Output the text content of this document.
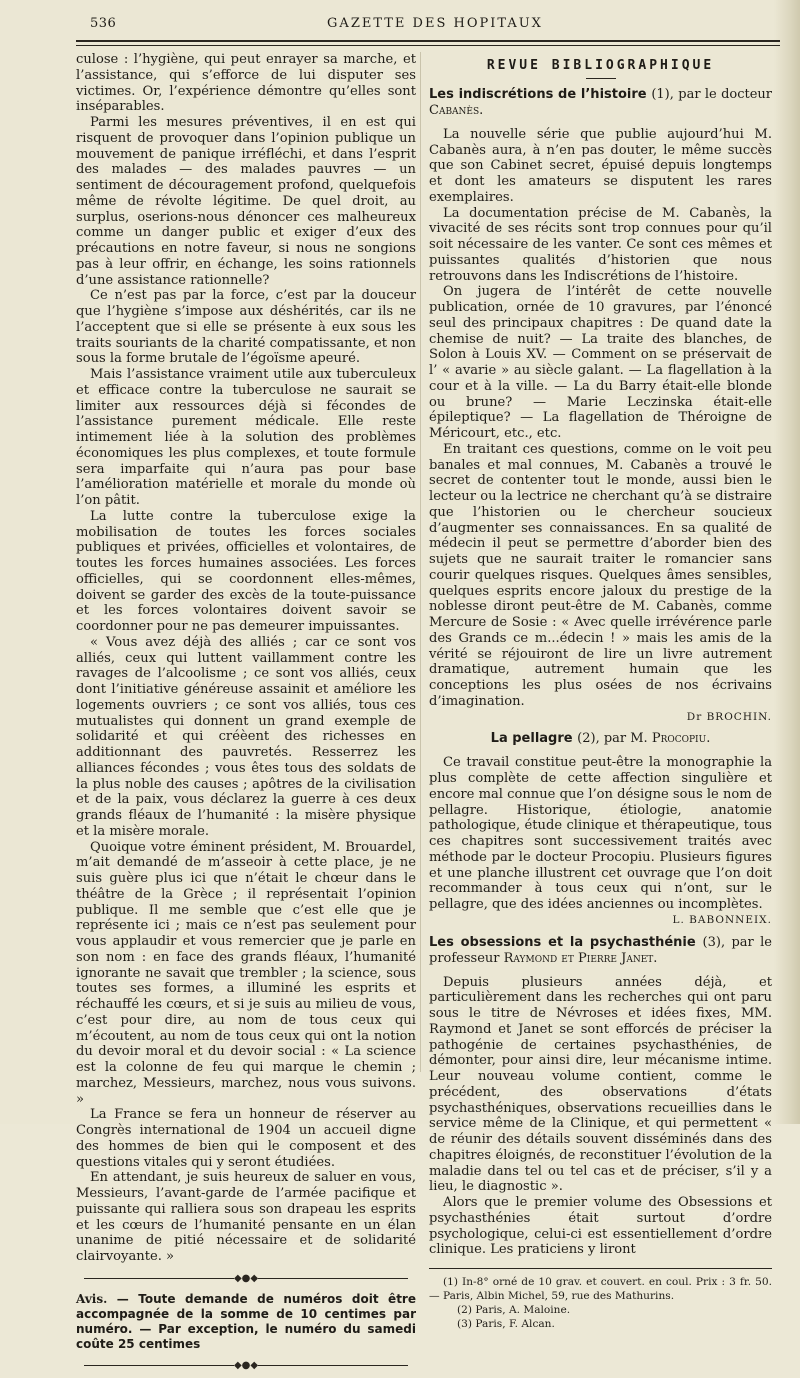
536	GAZETTE DES HOPITAUX

culose : l’hygiène, qui peut enrayer sa marche, et l’assistance, qui s’efforce de lui disputer ses victimes. Or, l’expérience démontre qu’elles sont inséparables.

Parmi les mesures préventives, il en est qui risquent de provoquer dans l’opinion publique un mouvement de panique irréfléchi, et dans l’esprit des malades — des malades pauvres — un sentiment de découragement profond, quelquefois même de révolte légitime. De quel droit, au surplus, oserions-nous dénoncer ces malheureux comme un danger public et exiger d’eux des précautions en notre faveur, si nous ne songions pas à leur offrir, en échange, les soins rationnels d’une assistance rationnelle?

Ce n’est pas par la force, c’est par la douceur que l’hygiène s’impose aux déshérités, car ils ne l’acceptent que si elle se présente à eux sous les traits souriants de la charité compatissante, et non sous la forme brutale de l’égoïsme apeuré.

Mais l’assistance vraiment utile aux tuberculeux et efficace contre la tuberculose ne saurait se limiter aux ressources déjà si fécondes de l’assistance purement médicale. Elle reste intimement liée à la solution des problèmes économiques les plus complexes, et toute formule sera imparfaite qui n’aura pas pour base l’amélioration matérielle et morale du monde où l’on pâtit.

La lutte contre la tuberculose exige la mobilisation de toutes les forces sociales publiques et privées, officielles et volontaires, de toutes les forces humaines associées. Les forces officielles, qui se coordonnent elles-mêmes, doivent se garder des excès de la toute-puissance et les forces volontaires doivent savoir se coordonner pour ne pas demeurer impuissantes.

« Vous avez déjà des alliés ; car ce sont vos alliés, ceux qui luttent vaillamment contre les ravages de l’alcoolisme ; ce sont vos alliés, ceux dont l’initiative généreuse assainit et améliore les logements ouvriers ; ce sont vos alliés, tous ces mutualistes qui donnent un grand exemple de solidarité et qui créèent des richesses en additionnant des pauvretés. Resserrez les alliances fécondes ; vous êtes tous des soldats de la plus noble des causes ; apôtres de la civilisation et de la paix, vous déclarez la guerre à ces deux grands fléaux de l’humanité : la misère physique et la misère morale.

Quoique votre éminent président, M. Brouardel, m’ait demandé de m’asseoir à cette place, je ne suis guère plus ici que n’était le chœur dans le théâtre de la Grèce ; il représentait l’opinion publique. Il me semble que c’est elle que je représente ici ; mais ce n’est pas seulement pour vous applaudir et vous remercier que je parle en son nom : en face des grands fléaux, l’humanité ignorante ne savait que trembler ; la science, sous toutes ses formes, a illuminé les esprits et réchauffé les cœurs, et si je suis au milieu de vous, c’est pour dire, au nom de tous ceux qui m’écoutent, au nom de tous ceux qui ont la notion du devoir moral et du devoir social : « La science est la colonne de feu qui marque le chemin ; marchez, Messieurs, marchez, nous vous suivons. »

La France se fera un honneur de réserver au Congrès international de 1904 un accueil digne des hommes de bien qui le composent et des questions vitales qui y seront étudiées.

En attendant, je suis heureux de saluer en vous, Messieurs, l’avant-garde de l’armée pacifique et puissante qui ralliera sous son drapeau les esprits et les cœurs de l’humanité pensante en un élan unanime de pitié nécessaire et de solidarité clairvoyante. »

◆●◆

Avis. — Toute demande de numéros doit être accompagnée de la somme de 10 centimes par numéro. — Par exception, le numéro du samedi coûte 25 centimes

◆●◆
REVUE BIBLIOGRAPHIQUE
Les indiscrétions de l’histoire (1), par le docteur Cabanès.

La nouvelle série que publie aujourd’hui M. Cabanès aura, à n’en pas douter, le même succès que son Cabinet secret, épuisé depuis longtemps et dont les amateurs se disputent les rares exemplaires.

La documentation précise de M. Cabanès, la vivacité de ses récits sont trop connues pour qu’il soit nécessaire de les vanter. Ce sont ces mêmes et puissantes qualités d’historien que nous retrouvons dans les Indiscrétions de l’histoire.

On jugera de l’intérêt de cette nouvelle publication, ornée de 10 gravures, par l’énoncé seul des principaux chapitres : De quand date la chemise de nuit? — La traite des blanches, de Solon à Louis XV. — Comment on se préservait de l’ « avarie » au siècle galant. — La flagellation à la cour et à la ville. — La du Barry était-elle blonde ou brune? — Marie Leczinska était-elle épileptique? — La flagellation de Théroigne de Méricourt, etc., etc.

En traitant ces questions, comme on le voit peu banales et mal connues, M. Cabanès a trouvé le secret de contenter tout le monde, aussi bien le lecteur ou la lectrice ne cherchant qu’à se distraire que l’historien ou le chercheur soucieux d’augmenter ses connaissances. En sa qualité de médecin il peut se permettre d’aborder bien des sujets que ne saurait traiter le romancier sans courir quelques risques. Quelques âmes sensibles, quelques esprits encore jaloux du prestige de la noblesse diront peut-être de M. Cabanès, comme Mercure de Sosie : « Avec quelle irrévérence parle des Grands ce m...édecin ! » mais les amis de la vérité se réjouiront de lire un livre autrement dramatique, autrement humain que les conceptions les plus osées de nos écrivains d’imagination.

Dr BROCHIN.
La pellagre (2), par M. Procopiu.

Ce travail constitue peut-être la monographie la plus complète de cette affection singulière et encore mal connue que l’on désigne sous le nom de pellagre. Historique, étiologie, anatomie pathologique, étude clinique et thérapeutique, tous ces chapitres sont successivement traités avec méthode par le docteur Procopiu. Plusieurs figures et une planche illustrent cet ouvrage que l’on doit recommander à tous ceux qui n’ont, sur le pellagre, que des idées anciennes ou incomplètes.

L. BABONNEIX.
Les obsessions et la psychasthénie (3), par le professeur Raymond et Pierre Janet.

Depuis plusieurs années déjà, et particulièrement dans les recherches qui ont paru sous le titre de Névroses et idées fixes, MM. Raymond et Janet se sont efforcés de préciser la pathogénie de certaines psychasthénies, de démonter, pour ainsi dire, leur mécanisme intime. Leur nouveau volume contient, comme le précédent, des observations d’états psychasthéniques, observations recueillies dans le service même de la Clinique, et qui permettent « de réunir des détails souvent disséminés dans des chapitres éloignés, de reconstituer l’évolution de la maladie dans tel ou tel cas et de préciser, s’il y a lieu, le diagnostic ».

Alors que le premier volume des Obsessions et psychasthénies était surtout d’ordre psychologique, celui-ci est essentiellement d’ordre clinique. Les praticiens y liront

(1) In-8° orné de 10 grav. et couvert. en coul. Prix : 3 fr. 50. — Paris, Albin Michel, 59, rue des Mathurins.

(2) Paris, A. Maloine.

(3) Paris, F. Alcan.
